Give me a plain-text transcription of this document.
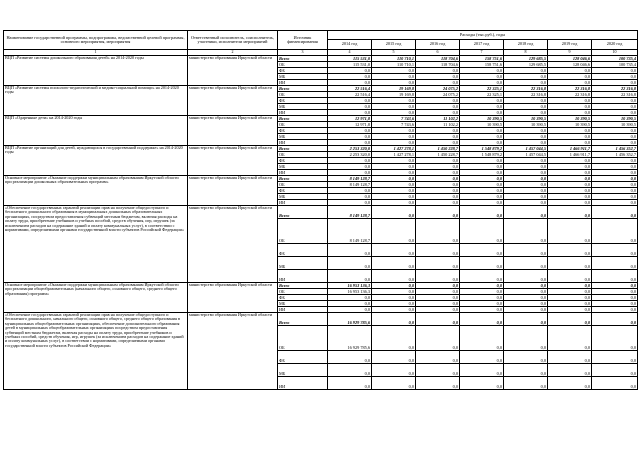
Наименование государственной программы, подпрограммы, ведомственной целевой программы, основного мероприятия, мероприятия	Ответственный исполнитель, соисполнитель, участники, исполнители мероприятий	Источник финансирования	Расходы (тыс.руб.), годы						
			2014 год	2015 год	2016 год	2017 год	2018 год	2019 год	2020 год
1	2	3	4	5	6	7	8	9	10
ВЦП «Развитие системы дошкольного образования детей» на 2014-2020 годы	министерство образования Иркутской области	Всего	115 531,0	110 710,1	118 704,6	158 751,6	129 685,5	128 046,6	100 735,4
		ОБ	115 531,0	110 710,1	118 704,6	158 751,6	129 685,5	128 046,6	100 735,4
		ФБ	0,0	0,0	0,0	0,0	0,0	0,0	0,0
		МБ	0,0	0,0	0,0	0,0	0,0	0,0	0,0
		ИИ	0,0	0,0	0,0	0,0	0,0	0,0	0,0
ВЦП «Развитие системы психолого-педагогической и медико-социальной помощи» на 2014-2020 годы	министерство образования Иркутской области	Всего	22 516,4	19 169,8	24 075,2	22 325,1	22 316,8	22 316,8	22 316,8
		ОБ	22 516,4	19 169,8	24 075,2	22 325,1	22 316,8	22 316,8	22 316,8
		ФБ	0,0	0,0	0,0	0,0	0,0	0,0	0,0
		МБ	0,0	0,0	0,0	0,0	0,0	0,0	0,0
		ИИ	0,0	0,0	0,0	0,0	0,0	0,0	0,0
ВЦП «Одаренные дети» на 2014-2020 годы	министерство образования Иркутской области	Всего	12 971,8	7 743,6	11 102,2	10 390,5	10 390,5	10 390,5	10 390,5
		ОБ	12 971,8	7 743,6	11 102,2	10 390,5	10 390,5	10 390,5	10 390,5
		ФБ	0,0	0,0	0,0	0,0	0,0	0,0	0,0
		МБ	0,0	0,0	0,0	0,0	0,0	0,0	0,0
		ИИ	0,0	0,0	0,0	0,0	0,0	0,0	0,0
ВЦП «Развитие организаций для детей, нуждающихся в государственной поддержке» на 2014-2020 годы	министерство образования Иркутской области	Всего	2 253 320,0	1 427 278,1	1 450 228,7	1 548 879,2	1 457 044,5	1 466 911,7	1 456 352,7
		ОБ	2 253 320,0	1 427 278,1	1 450 228,7	1 548 879,2	1 457 044,5	1 466 911,7	1 456 352,7
		ФБ	0,0	0,0	0,0	0,0	0,0	0,0	0,0
		МБ	0,0	0,0	0,0	0,0	0,0	0,0	0,0
		ИИ	0,0	0,0	0,0	0,0	0,0	0,0	0,0
Основное мероприятие «Оказание поддержки муниципальным образованиям Иркутской области при реализации дошкольных образовательных программ»	министерство образования Иркутской области	Всего	8 149 128,7	0,0	0,0	0,0	0,0	0,0	0,0
		ОБ	8 149 128,7	0,0	0,0	0,0	0,0	0,0	0,0
		ФБ	0,0	0,0	0,0	0,0	0,0	0,0	0,0
		МБ	0,0	0,0	0,0	0,0	0,0	0,0	0,0
		ИИ	0,0	0,0	0,0	0,0	0,0	0,0	0,0
«Обеспечение государственных гарантий реализации прав на получение общедоступного и бесплатного дошкольного образования в муниципальных дошкольных образовательных организациях, посредством предоставления субвенций местным бюджетам, включая расходы на оплату труда, приобретение учебников и учебных пособий, средств обучения, игр, игрушек (за исключением расходов на содержание зданий и оплату коммунальных услуг), в соответствии с нормативами, определяемыми органами государственной власти субъектов Российской Федерации»	министерство образования Иркутской области	Всего	8 149 128,7	0,0	0,0	0,0	0,0	0,0	0,0
		ОБ	8 149 128,7	0,0	0,0	0,0	0,0	0,0	0,0
		ФБ	0,0	0,0	0,0	0,0	0,0	0,0	0,0
		МБ	0,0	0,0	0,0	0,0	0,0	0,0	0,0
		ИИ	0,0	0,0	0,0	0,0	0,0	0,0	0,0
Основное мероприятие «Оказание поддержки муниципальным образованиям Иркутской области при реализации общеобразовательных (начального общего, основного общего, среднего общего образования) программ»	министерство образования Иркутской области	Всего	16 953 136,3	0,0	0,0	0,0	0,0	0,0	0,0
		ОБ	16 953 136,3	0,0	0,0	0,0	0,0	0,0	0,0
		ФБ	0,0	0,0	0,0	0,0	0,0	0,0	0,0
		МБ	0,0	0,0	0,0	0,0	0,0	0,0	0,0
		ИИ	0,0	0,0	0,0	0,0	0,0	0,0	0,0
«Обеспечение государственных гарантий реализации прав на получение общедоступного и бесплатного дошкольного, начального общего, основного общего, среднего общего образования в муниципальных общеобразовательных организациях, обеспечение дополнительного образования детей в муниципальных общеобразовательных организациях посредством предоставления субвенций местным бюджетам, включая расходы на оплату труда, приобретение учебников и учебных пособий, средств обучения, игр, игрушек (за исключением расходов на содержание зданий и оплату коммунальных услуг), в соответствии с нормативами, определяемыми органами государственной власти субъектов Российской Федерации»	министерство образования Иркутской области	Всего	16 929 785,6	0,0	0,0	0,0	0,0	0,0	0,0
		ОБ	16 929 785,6	0,0	0,0	0,0	0,0	0,0	0,0
		ФБ	0,0	0,0	0,0	0,0	0,0	0,0	0,0
		МБ	0,0	0,0	0,0	0,0	0,0	0,0	0,0
		ИИ	0,0	0,0	0,0	0,0	0,0	0,0	0,0
